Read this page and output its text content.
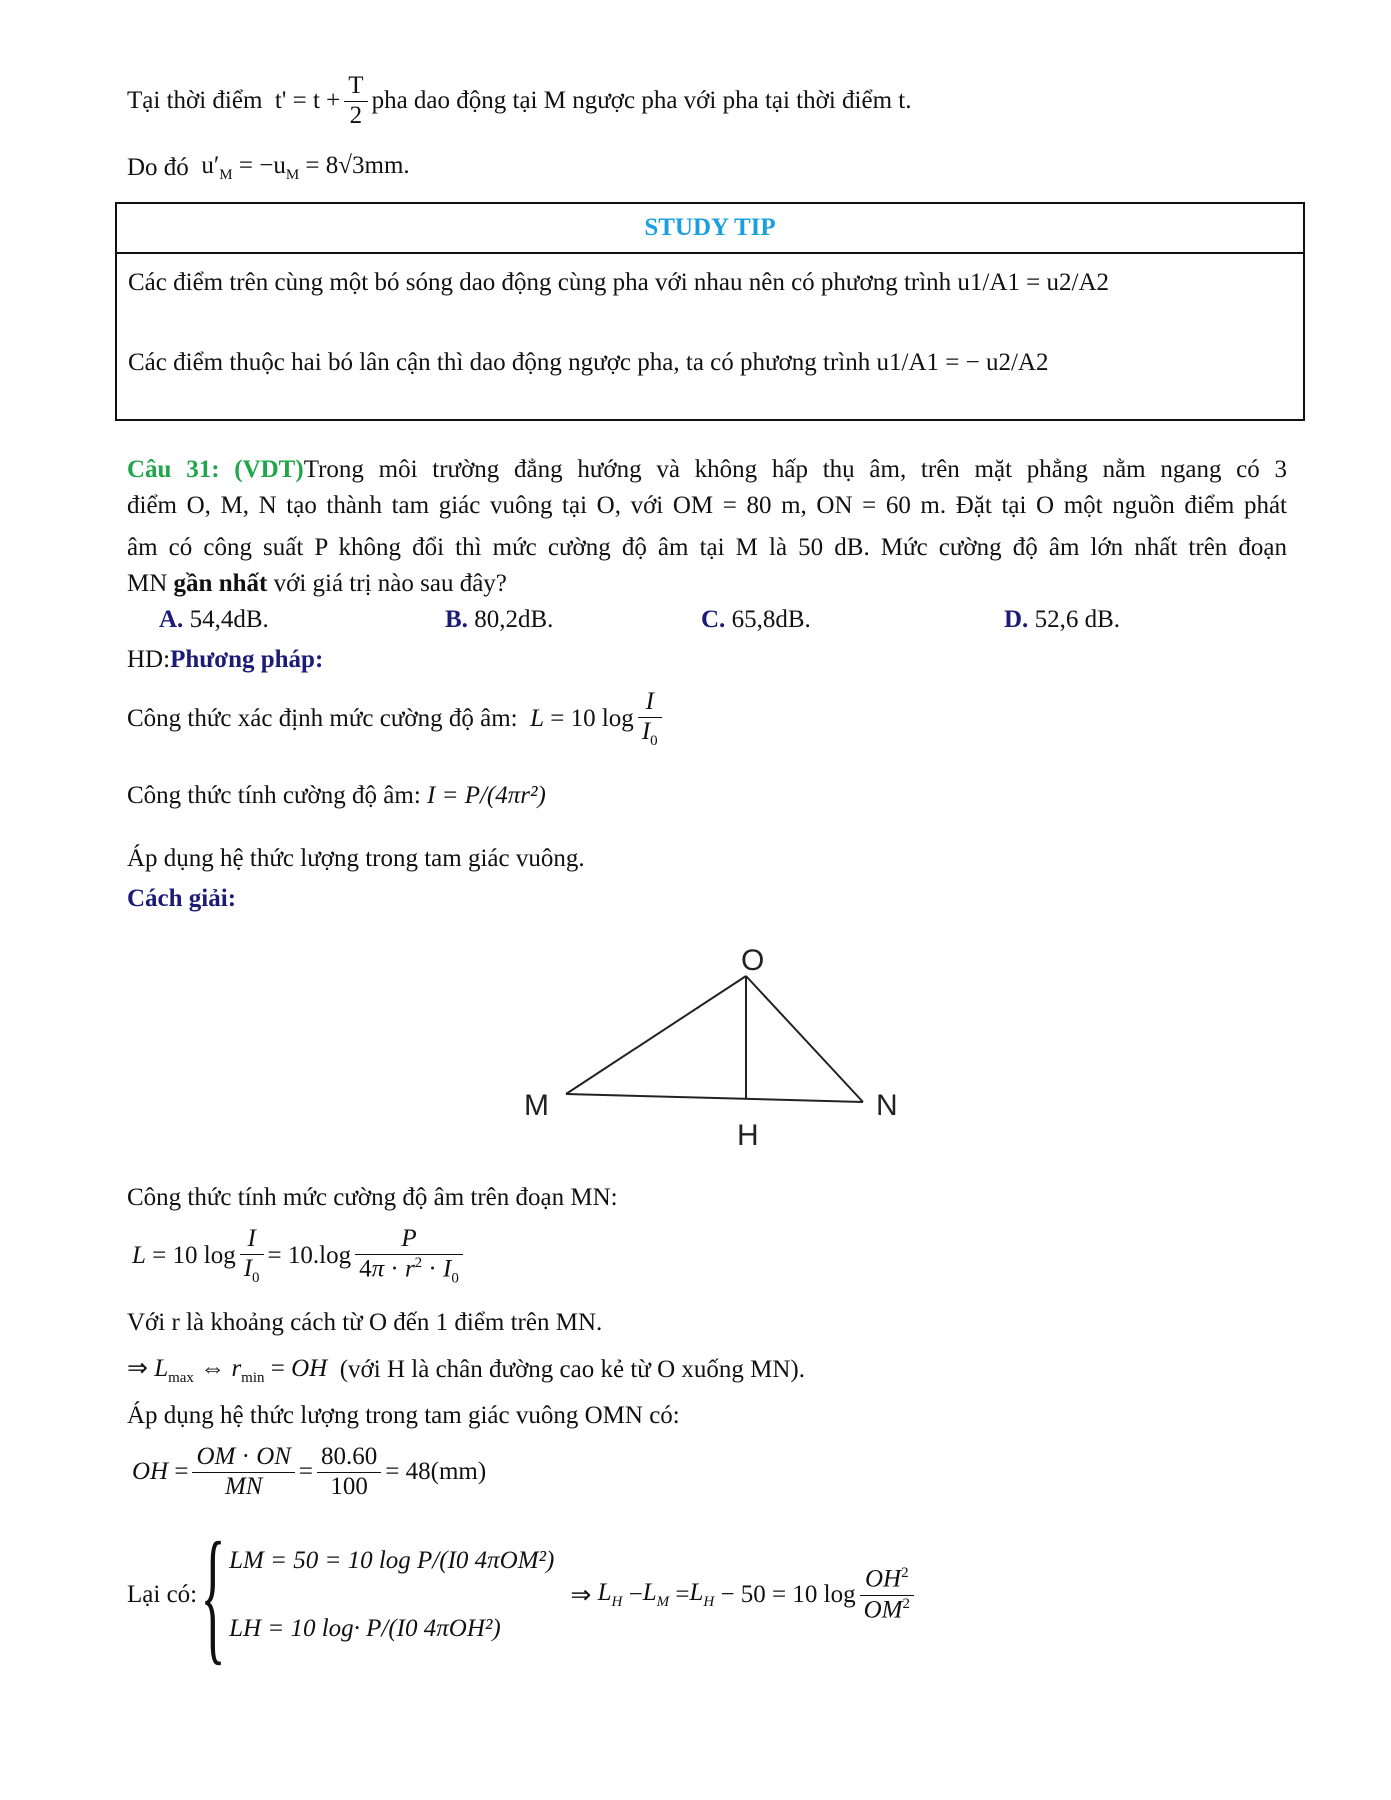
Tại thời điểm
$t' = t + \frac{T}{2}$ pha dao động tại M ngược pha với pha tại thời điểm t.
Do đó
$u'_M = -u_M = 8√3mm$.
STUDY TIP
Các điểm trên cùng một bó sóng dao động cùng pha với nhau nên có phương trình
u1/A1 = u2/A2
Các điểm thuộc hai bó lân cận thì dao động ngược pha, ta có phương trình
u1/A1 = − u2/A2
Câu 31: (VDT)Trong môi trường đẳng hướng và không hấp thụ âm, trên mặt phẳng nằm ngang có 3
điểm O, M, N tạo thành tam giác vuông tại O, với OM = 80 m, ON = 60 m. Đặt tại O một nguồn điểm phát
âm có công suất P không đổi thì mức cường độ âm tại M là 50 dB. Mức cường độ âm lớn nhất trên đoạn
MN
gần nhất
với giá trị nào sau đây?
A.
54,4dB.	B.
80,2dB.	C.
65,8dB.	D.
52,6 dB.
HD: Phương pháp:
Công thức xác định mức cường độ âm:
L = 10 $\log \frac{I}{I_0}$
Công thức tính cường độ âm:
I = P/(4πr²)
Áp dụng hệ thức lượng trong tam giác vuông.
Cách giải:
O
M	N
H
Công thức tính mức cường độ âm trên đoạn MN:
L = 10 $\log \frac{I}{I_0} = 10.\log \frac{P}{4\pi \cdot r^2 \cdot I_0}$
Với r là khoảng cách từ O đến 1 điểm trên MN.
⇒ $L_{max}$ ⇔ $r_{min}$ = OH
(với H là chân đường cao kẻ từ O xuống MN).
Áp dụng hệ thức lượng trong tam giác vuông OMN có:
OH = $\frac{OM \cdot ON}{MN} = \frac{80.60}{100} = 48(mm)$
Lại có: { LM = 50 = 10 log P/(I0 4πOM²)
LH = 10 log· P/(I0 4πOH²)
⇒ $L_H - L_M = L_H - 50 = 10$ $\log \frac{OH^2}{OM^2}$
